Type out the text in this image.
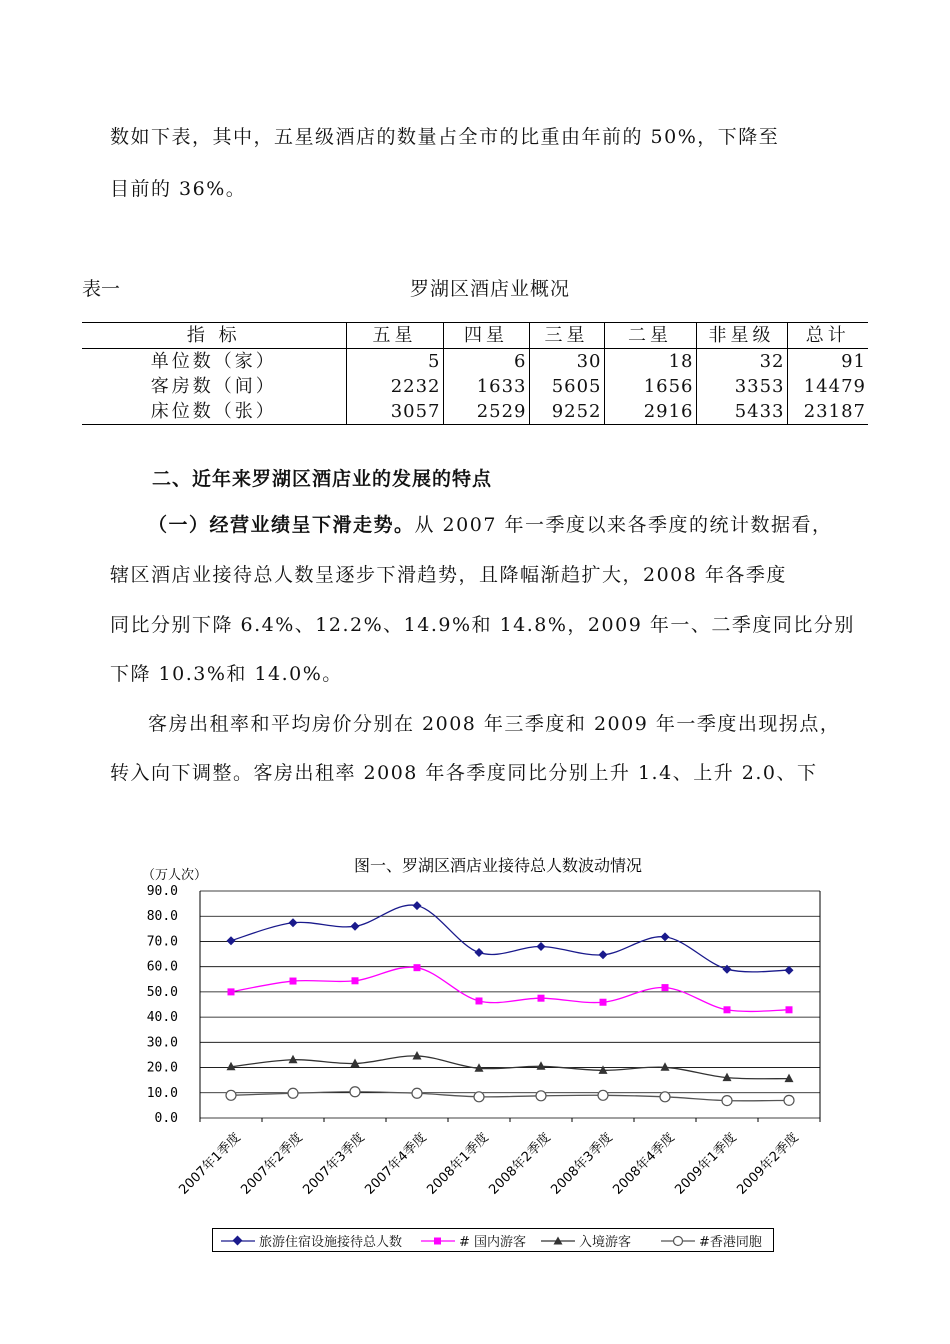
数如下表，其中，五星级酒店的数量占全市的比重由年前的 50%，下降至
目前的 36%。
表一	罗湖区酒店业概况
指 标	五星	四星	三星	二星	非星级	总计
单位数（家）	5	6	30	18	32	91
客房数（间）	2232	1633	5605	1656	3353	14479
床位数（张）	3057	2529	9252	2916	5433	23187
二、近年来罗湖区酒店业的发展的特点
（一）经营业绩呈下滑走势。从 2007 年一季度以来各季度的统计数据看，
辖区酒店业接待总人数呈逐步下滑趋势，且降幅渐趋扩大，2008 年各季度
同比分别下降 6.4%、12.2%、14.9%和 14.8%，2009 年一、二季度同比分别
下降 10.3%和 14.0%。
客房出租率和平均房价分别在 2008 年三季度和 2009 年一季度出现拐点，
转入向下调整。客房出租率 2008 年各季度同比分别上升 1.4、上升 2.0、下
图一、罗湖区酒店业接待总人数波动情况
（万人次）
0.0
10.0
20.0
30.0
40.0
50.0
60.0
70.0
80.0
90.0
2007年1季度
2007年2季度
2007年3季度
2007年4季度
2008年1季度
2008年2季度
2008年3季度
2008年4季度
2009年1季度
2009年2季度
旅游住宿设施接待总人数	# 国内游客	入境游客	#香港同胞
